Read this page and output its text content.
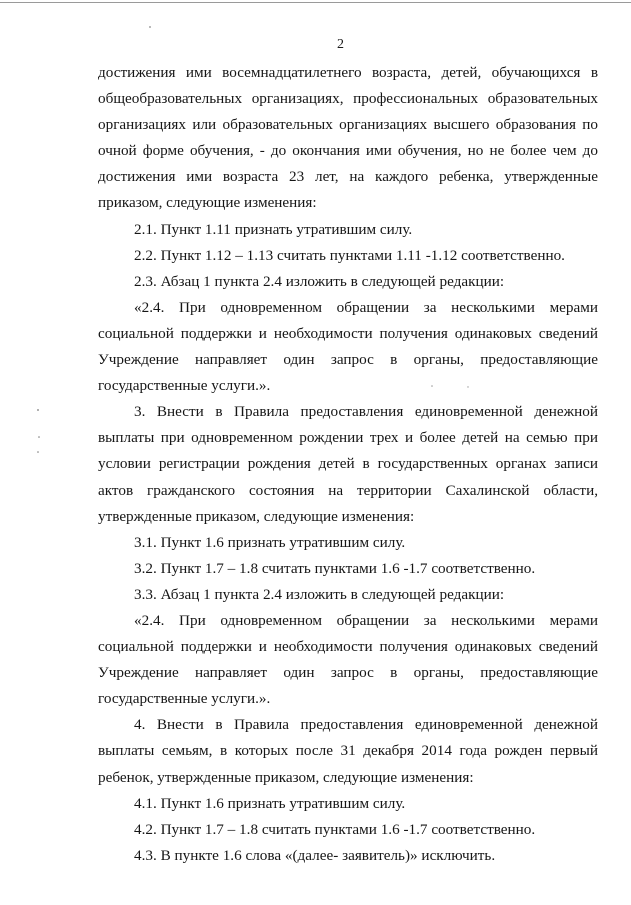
2

достижения ими восемнадцатилетнего возраста, детей, обучающихся в

общеобразовательных организациях, профессиональных образовательных

организациях или образовательных организациях высшего образования по

очной форме обучения, - до окончания ими обучения, но не более чем до

достижения ими возраста 23 лет, на каждого ребенка, утвержденные

приказом, следующие изменения:

2.1. Пункт 1.11 признать утратившим силу.

2.2. Пункт 1.12 – 1.13 считать пунктами 1.11 -1.12 соответственно.

2.3. Абзац 1 пункта 2.4 изложить в следующей редакции:

«2.4. При одновременном обращении за несколькими мерами

социальной поддержки и необходимости получения одинаковых сведений

Учреждение направляет один запрос в органы, предоставляющие

государственные услуги.».

3. Внести в Правила предоставления единовременной денежной

выплаты при одновременном рождении трех и более детей на семью при

условии регистрации рождения детей в государственных органах записи

актов гражданского состояния на территории Сахалинской области,

утвержденные приказом, следующие изменения:

3.1. Пункт 1.6 признать утратившим силу.

3.2. Пункт 1.7 – 1.8 считать пунктами 1.6 -1.7 соответственно.

3.3. Абзац 1 пункта 2.4 изложить в следующей редакции:

«2.4. При одновременном обращении за несколькими мерами

социальной поддержки и необходимости получения одинаковых сведений

Учреждение направляет один запрос в органы, предоставляющие

государственные услуги.».

4. Внести в Правила предоставления единовременной денежной

выплаты семьям, в которых после 31 декабря 2014 года рожден первый

ребенок, утвержденные приказом, следующие изменения:

4.1. Пункт 1.6 признать утратившим силу.

4.2. Пункт 1.7 – 1.8 считать пунктами 1.6 -1.7 соответственно.

4.3. В пункте 1.6 слова «(далее- заявитель)» исключить.
